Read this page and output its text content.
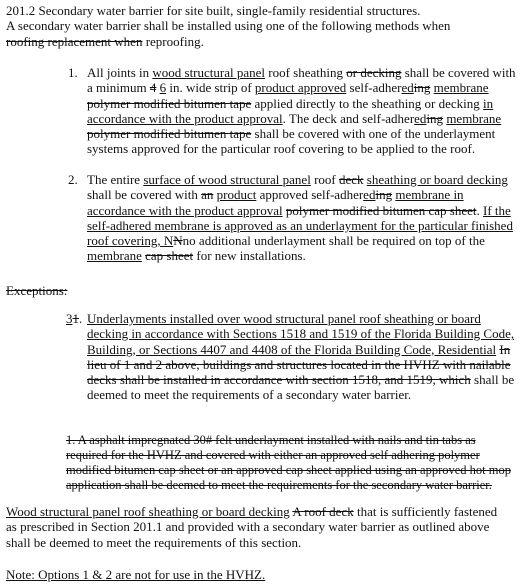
201.2 Secondary water barrier for site built, single-family residential structures.
A secondary water barrier shall be installed using one of the following methods when
roofing replacement when reproofing.
1. All joints in wood structural panel roof sheathing or decking shall be covered with a minimum 4 6 in. wide strip of product approved self-adhereding membrane polymer modified bitumen tape applied directly to the sheathing or decking in accordance with the product approval. The deck and self-adhereding membrane polymer modified bitumen tape shall be covered with one of the underlayment systems approved for the particular roof covering to be applied to the roof.
2. The entire surface of wood structural panel roof deck sheathing or board decking shall be covered with an product approved self-adhereding membrane in accordance with the product approval polymer modified bitumen cap sheet. If the self-adhered membrane is approved as an underlayment for the particular finished roof covering, NNno additional underlayment shall be required on top of the membrane cap sheet for new installations.
Exceptions:
31. Underlayments installed over wood structural panel roof sheathing or board decking in accordance with Sections 1518 and 1519 of the Florida Building Code, Building, or Sections 4407 and 4408 of the Florida Building Code, Residential In lieu of 1 and 2 above, buildings and structures located in the HVHZ with nailable decks shall be installed in accordance with section 1518, and 1519, which shall be deemed to meet the requirements of a secondary water barrier.
1. A asphalt impregnated 30# felt underlayment installed with nails and tin tabs as required for the HVHZ and covered with either an approved self adhering polymer modified bitumen cap sheet or an approved cap sheet applied using an approved hot mop application shall be deemed to meet the requirements for the secondary water barrier.
Wood structural panel roof sheathing or board decking A roof deck that is sufficiently fastened as prescribed in Section 201.1 and provided with a secondary water barrier as outlined above shall be deemed to meet the requirements of this section.
Note: Options 1 & 2 are not for use in the HVHZ.
